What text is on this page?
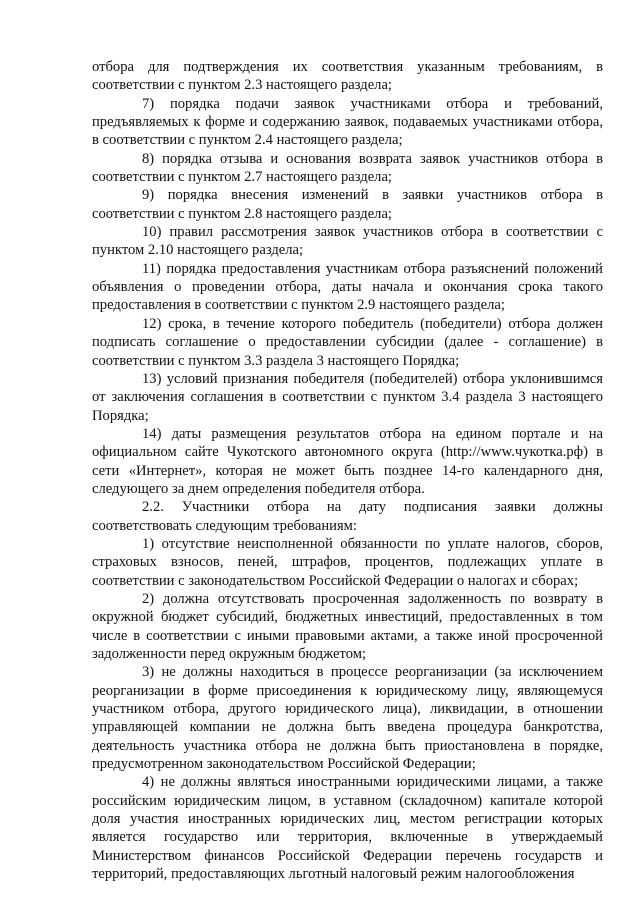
отбора для подтверждения их соответствия указанным требованиям, в соответствии с пунктом 2.3 настоящего раздела;

7) порядка подачи заявок участниками отбора и требований, предъявляемых к форме и содержанию заявок, подаваемых участниками отбора, в соответствии с пунктом 2.4 настоящего раздела;

8) порядка отзыва и основания возврата заявок участников отбора в соответствии с пунктом 2.7 настоящего раздела;

9) порядка внесения изменений в заявки участников отбора в соответствии с пунктом 2.8 настоящего раздела;

10) правил рассмотрения заявок участников отбора в соответствии с пунктом 2.10 настоящего раздела;

11) порядка предоставления участникам отбора разъяснений положений объявления о проведении отбора, даты начала и окончания срока такого предоставления в соответствии с пунктом 2.9 настоящего раздела;

12) срока, в течение которого победитель (победители) отбора должен подписать соглашение о предоставлении субсидии (далее - соглашение) в соответствии с пунктом 3.3 раздела 3 настоящего Порядка;

13) условий признания победителя (победителей) отбора уклонившимся от заключения соглашения в соответствии с пунктом 3.4 раздела 3 настоящего Порядка;

14) даты размещения результатов отбора на едином портале и на официальном сайте Чукотского автономного округа (http://www.чукотка.рф) в сети «Интернет», которая не может быть позднее 14-го календарного дня, следующего за днем определения победителя отбора.

2.2. Участники отбора на дату подписания заявки должны соответствовать следующим требованиям:

1) отсутствие неисполненной обязанности по уплате налогов, сборов, страховых взносов, пеней, штрафов, процентов, подлежащих уплате в соответствии с законодательством Российской Федерации о налогах и сборах;

2) должна отсутствовать просроченная задолженность по возврату в окружной бюджет субсидий, бюджетных инвестиций, предоставленных в том числе в соответствии с иными правовыми актами, а также иной просроченной задолженности перед окружным бюджетом;

3) не должны находиться в процессе реорганизации (за исключением реорганизации в форме присоединения к юридическому лицу, являющемуся участником отбора, другого юридического лица), ликвидации, в отношении управляющей компании не должна быть введена процедура банкротства, деятельность участника отбора не должна быть приостановлена в порядке, предусмотренном законодательством Российской Федерации;

4) не должны являться иностранными юридическими лицами, а также российским юридическим лицом, в уставном (складочном) капитале которой доля участия иностранных юридических лиц, местом регистрации которых является государство или территория, включенные в утверждаемый Министерством финансов Российской Федерации перечень государств и территорий, предоставляющих льготный налоговый режим налогообложения
